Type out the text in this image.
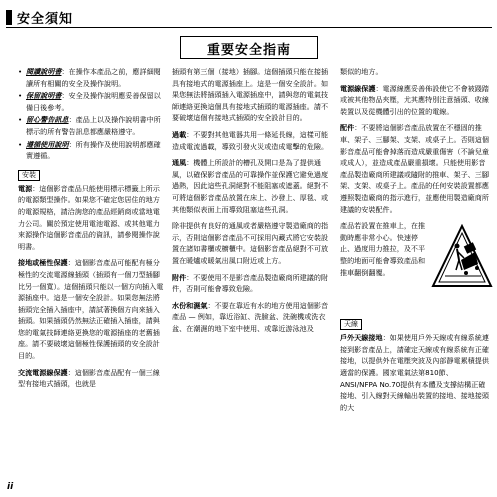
安全須知
重要安全指南
• 閱讀說明書：在操作本產品之前，應詳細閱讀所有相關的安全及操作說明。
• 保留說明書：安全及操作說明應妥善保留以備日後參考。
• 留心警告訊息：產品上以及操作說明書中所標示的所有警告訊息都應嚴格遵守。
• 遵循使用說明：所有操作及使用說明都應確實遵循。
安裝

電源：這個影音產品只能使用標示標籤上所示的電源類型操作。如果您不確定您居住的地方的電源規格，請洽詢您的產品經銷商或當地電力公司。關於預定使用電池電源、或其他電力來源操作這個影音產品的資訊，請參閱操作說明書。

接地或極性保護：這個影音產品可能配有極分極性的交流電源線插頭（插頭有一個刀型插腳比另一個寬）。這個插頭只能以一個方向插入電源插座中。這是一個安全設計。如果您無法將插頭完全插入插座中，請試著換個方向來插入插頭。如果插頭仍然無法正確插入插座，請與您的電氣技師連絡更換您的電源插座的老舊插座。請不要破壞這個極性保護插頭的安全設計目的。

交流電源線保護：這個影音產品配有一個三線型有接地式插頭，也就是

插頭有第三個（接地）插腳。這個插頭只能在接插具有接地式的電源插座上。這是一個安全設計。如果您無法將插頭插入電源插座中，請與您的電氣技師連絡更換這個具有接地式插頭的電源插座。請不要破壞這個有接地式插頭的安全設計目的。

過載：不要對其他電器共用一條延長線，這樣可能造成電流過載，導致引發火災或造成電擊的危險。

通風：機體上所設計的槽孔及開口是為了提供通風，以確保影音產品的可靠操作並保護它避免過度過熱，因此這些孔洞絕對不能阻塞或遮蓋。絕對不可將這個影音產品放置在床上、沙發上、厚毯、或其他類似表面上而導致阻塞這些孔洞。

除非提供有良好的通風或者嚴格遵守製造廠商的指示，否則這個影音產品不可採用內藏式將它安裝設置在諸如書櫃或櫥櫃中。這個影音產品絕對不可放置在暖爐或暖氣出風口附近或上方。

附件：不要使用不是影音產品製造廠商所建議的附件，否則可能會導致危險。

水份和濕氣：不要在靠近有水的地方使用這個影音產品 — 例如，靠近浴缸、洗臉盆、洗碗機或洗衣盆、在潮濕的地下室中使用、或靠近游泳池及

類似的地方。

電源線保護：電源線應妥善佈設使它不會被踐踏或被其他物品夾壓，尤其應特別注意插頭、收線裝置以及從機體引出的位置的電線。

配件：不要將這個影音產品放置在不穩固的推車、架子、三腳架、支架、或桌子上。否則這個影音產品可能會掉落而造成嚴重傷害（不論兒童或成人），並造成產品嚴重損壞。只能使用影音產品製造廠商所建議或隨附的推車、架子、三腳架、支架、或桌子上。產品的任何安裝設置都應遵照製造廠商的指示進行，並應使用製造廠商所建議的安裝配件。

產品若設置在推車上，在推動時應非常小心。快速停止、過度用力推拉，及不平整的地面可能會導致產品和推車翻倒翻覆。
天線

戶外天線接地：如果使用戶外天線或有線系統連接到影音產品上，請確定天線或有線系統有正確接地，以提供外在電壓突波及內部靜電累積提供適當的保護。國家電氣法第810節、ANSI/NFPA No.70提供有本體及支撐結構正確接地、引入線對天線輸出裝置的接地、接地接頭的大

ii
